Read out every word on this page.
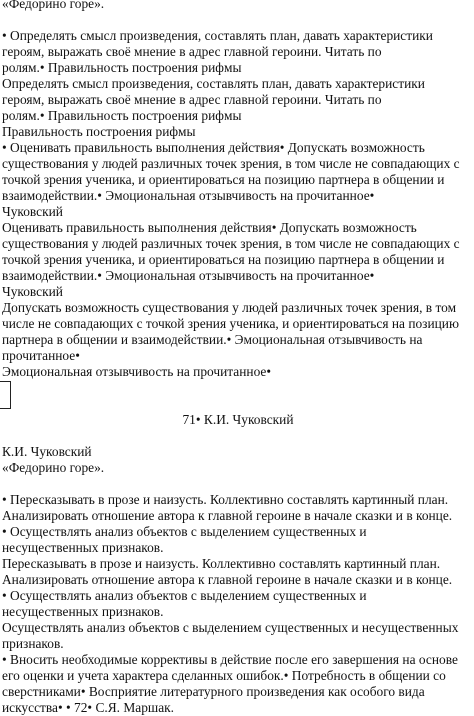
«Федорино горе».

• Определять смысл произведения, составлять план, давать характеристики

героям, выражать своё мнение в адрес главной героини. Читать по

ролям.• Правильность построения рифмы

Определять смысл произведения, составлять план, давать характеристики

героям, выражать своё мнение в адрес главной героини. Читать по

ролям.• Правильность построения рифмы

Правильность построения рифмы

• Оценивать правильность выполнения действия• Допускать возможность

существования у людей различных точек зрения, в том числе не совпадающих с

точкой зрения ученика, и ориентироваться на позицию партнера в общении и

взаимодействии.• Эмоциональная отзывчивость на прочитанное•

Чуковский

Оценивать правильность выполнения действия• Допускать возможность

существования у людей различных точек зрения, в том числе не совпадающих с

точкой зрения ученика, и ориентироваться на позицию партнера в общении и

взаимодействии.• Эмоциональная отзывчивость на прочитанное•

Чуковский

Допускать возможность существования у людей различных точек зрения, в том

числе не совпадающих с точкой зрения ученика, и ориентироваться на позицию

партнера в общении и взаимодействии.• Эмоциональная отзывчивость на

прочитанное•

Эмоциональная отзывчивость на прочитанное•

71• К.И. Чуковский

К.И. Чуковский

«Федорино горе».

• Пересказывать в прозе и наизусть. Коллективно составлять картинный план.

Анализировать отношение автора к главной героине в начале сказки и в конце.

• Осуществлять анализ объектов с выделением существенных и

несущественных признаков.

Пересказывать в прозе и наизусть. Коллективно составлять картинный план.

Анализировать отношение автора к главной героине в начале сказки и в конце.

• Осуществлять анализ объектов с выделением существенных и

несущественных признаков.

Осуществлять анализ объектов с выделением существенных и несущественных

признаков.

• Вносить необходимые коррективы в действие после его завершения на основе

его оценки и учета характера сделанных ошибок.• Потребность в общении со

сверстниками• Восприятие литературного произведения как особого вида

искусства• • 72• С.Я. Маршак.
